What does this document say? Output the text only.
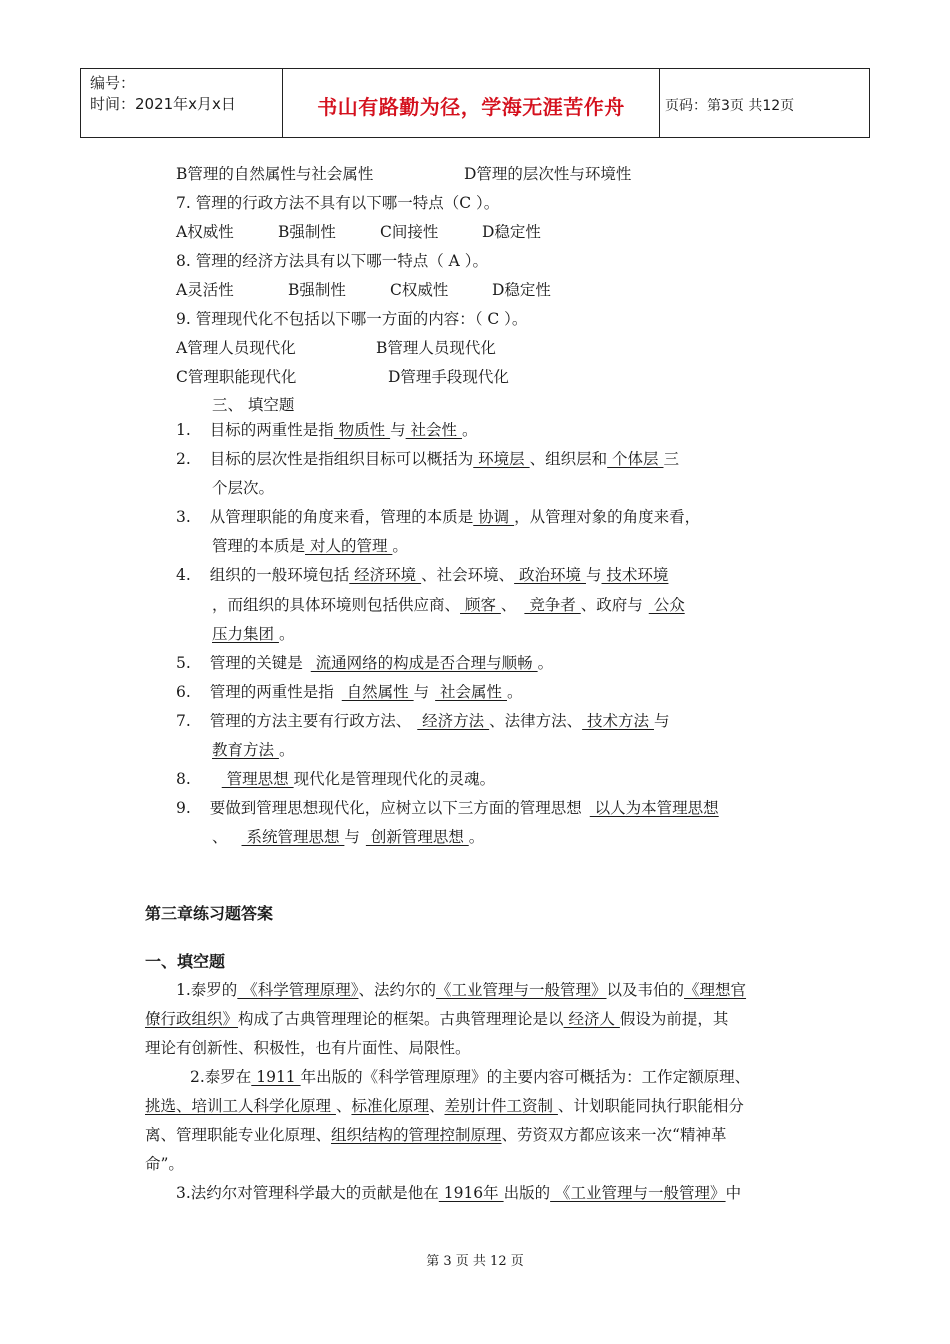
编号：
时间：2021年x月x日	书山有路勤为径，学海无涯苦作舟	页码：第3页 共12页
B管理的自然属性与社会属性	D管理的层次性与环境性
7. 管理的行政方法不具有以下哪一特点（C ）。
A权威性	B强制性	C间接性	D稳定性
8. 管理的经济方法具有以下哪一特点（ A ）。
A灵活性	B强制性	C权威性	D稳定性
9. 管理现代化不包括以下哪一方面的内容：（ C ）。
A管理人员现代化	B管理人员现代化
C管理职能现代化	D管理手段现代化
三、 填空题
1. 目标的两重性是指 物质性 与 社会性 。
2. 目标的层次性是指组织目标可以概括为 环境层 、组织层和 个体层 三
个层次。
3. 从管理职能的角度来看，管理的本质是 协调 ，从管理对象的角度来看，
管理的本质是 对人的管理 。
4. 组织的一般环境包括 经济环境 、社会环境、 政治环境 与 技术环境
，而组织的具体环境则包括供应商、 顾客 、 竞争者 、政府与 公众
压力集团 。
5. 管理的关键是 流通网络的构成是否合理与顺畅 。
6. 管理的两重性是指 自然属性 与 社会属性 。
7. 管理的方法主要有行政方法、 经济方法 、法律方法、 技术方法 与
教育方法 。
8.  管理思想 现代化是管理现代化的灵魂。
9. 要做到管理思想现代化，应树立以下三方面的管理思想 以人为本管理思想
、 系统管理思想 与 创新管理思想 。
第三章练习题答案
一、填空题
1.泰罗的 《科学管理原理》、法约尔的《工业管理与一般管理》以及韦伯的《理想官
僚行政组织》构成了古典管理理论的框架。古典管理理论是以 经济人 假设为前提，其
理论有创新性、积极性，也有片面性、局限性。
2.泰罗在 1911 年出版的《科学管理原理》的主要内容可概括为：工作定额原理、
挑选、培训工人科学化原理 、标准化原理、差别计件工资制 、计划职能同执行职能相分
离、管理职能专业化原理、组织结构的管理控制原理、劳资双方都应该来一次“精神革
命”。
3.法约尔对管理科学最大的贡献是他在 1916年 出版的 《工业管理与一般管理》中
第 3 页 共 12 页
